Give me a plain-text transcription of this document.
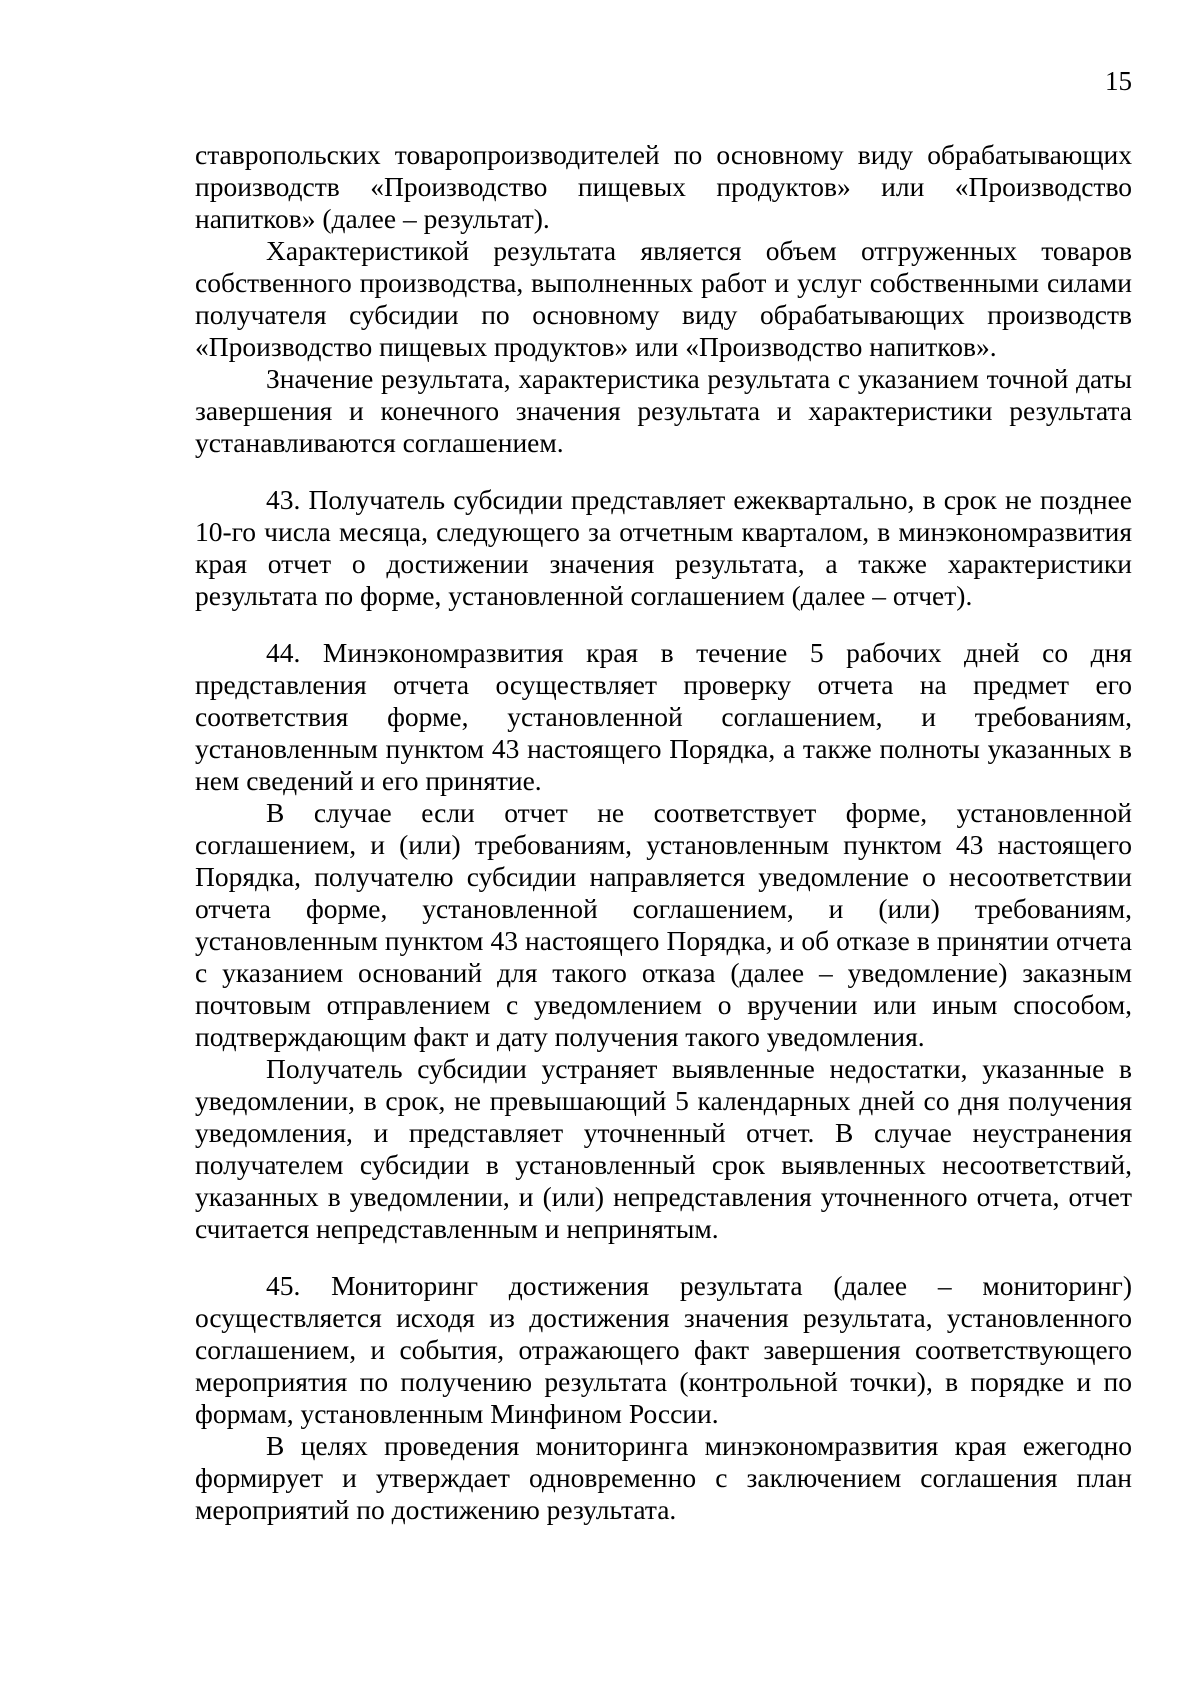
15

ставропольских товаропроизводителей по основному виду обрабатывающих производств «Производство пищевых продуктов» или «Производство напитков» (далее – результат).

Характеристикой результата является объем отгруженных товаров собственного производства, выполненных работ и услуг собственными силами получателя субсидии по основному виду обрабатывающих производств «Производство пищевых продуктов» или «Производство напитков».

Значение результата, характеристика результата с указанием точной даты завершения и конечного значения результата и характеристики результата устанавливаются соглашением.

43. Получатель субсидии представляет ежеквартально, в срок не позднее 10-го числа месяца, следующего за отчетным кварталом, в минэкономразвития края отчет о достижении значения результата, а также характеристики результата по форме, установленной соглашением (далее – отчет).

44. Минэкономразвития края в течение 5 рабочих дней со дня представления отчета осуществляет проверку отчета на предмет его соответствия форме, установленной соглашением, и требованиям, установленным пунктом 43 настоящего Порядка, а также полноты указанных в нем сведений и его принятие.

В случае если отчет не соответствует форме, установленной соглашением, и (или) требованиям, установленным пунктом 43 настоящего Порядка, получателю субсидии направляется уведомление о несоответствии отчета форме, установленной соглашением, и (или) требованиям, установленным пунктом 43 настоящего Порядка, и об отказе в принятии отчета с указанием оснований для такого отказа (далее – уведомление) заказным почтовым отправлением с уведомлением о вручении или иным способом, подтверждающим факт и дату получения такого уведомления.

Получатель субсидии устраняет выявленные недостатки, указанные в уведомлении, в срок, не превышающий 5 календарных дней со дня получения уведомления, и представляет уточненный отчет. В случае неустранения получателем субсидии в установленный срок выявленных несоответствий, указанных в уведомлении, и (или) непредставления уточненного отчета, отчет считается непредставленным и непринятым.

45. Мониторинг достижения результата (далее – мониторинг) осуществляется исходя из достижения значения результата, установленного соглашением, и события, отражающего факт завершения соответствующего мероприятия по получению результата (контрольной точки), в порядке и по формам, установленным Минфином России.

В целях проведения мониторинга минэкономразвития края ежегодно формирует и утверждает одновременно с заключением соглашения план мероприятий по достижению результата.
